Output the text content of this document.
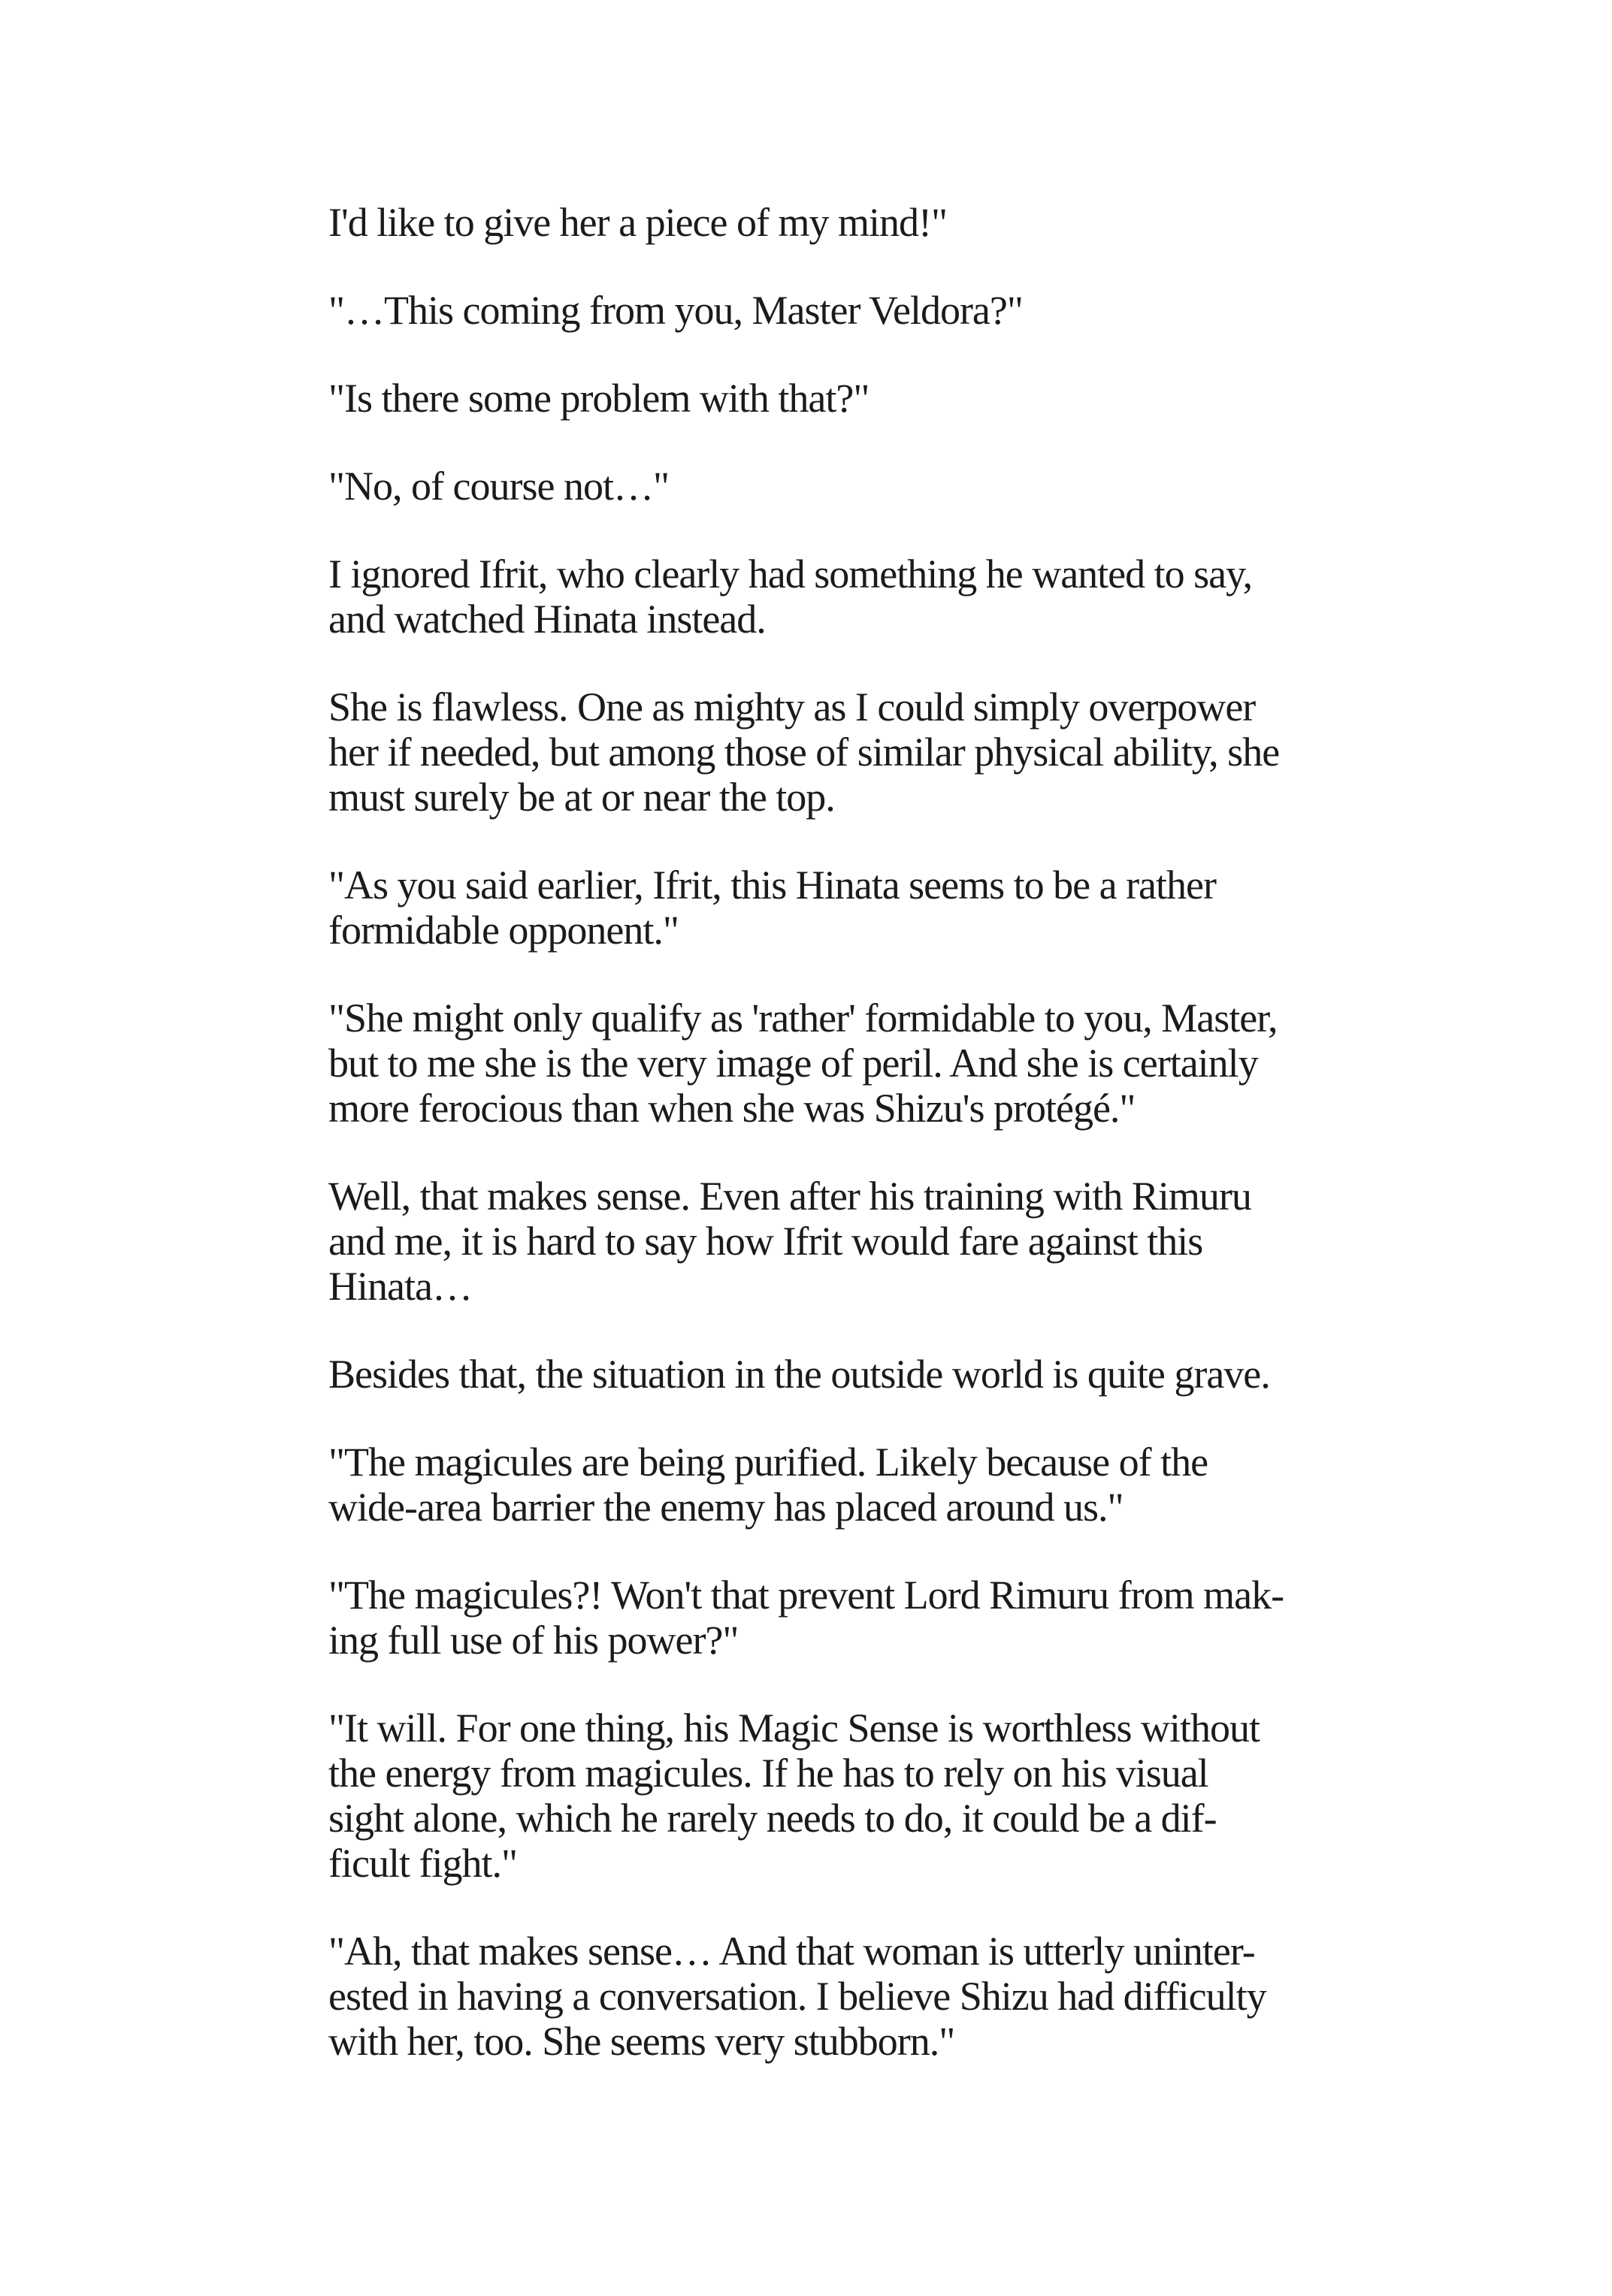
I'd like to give her a piece of my mind!"

"…This coming from you, Master Veldora?"

"Is there some problem with that?"

"No, of course not…"

I ignored Ifrit, who clearly had something he wanted to say,
and watched Hinata instead.

She is flawless. One as mighty as I could simply overpower
her if needed, but among those of similar physical ability, she
must surely be at or near the top.

"As you said earlier, Ifrit, this Hinata seems to be a rather
formidable opponent."

"She might only qualify as 'rather' formidable to you, Master,
but to me she is the very image of peril. And she is certainly
more ferocious than when she was Shizu's protégé."

Well, that makes sense. Even after his training with Rimuru
and me, it is hard to say how Ifrit would fare against this
Hinata…

Besides that, the situation in the outside world is quite grave.

"The magicules are being purified. Likely because of the
wide-area barrier the enemy has placed around us."

"The magicules?! Won't that prevent Lord Rimuru from mak-
ing full use of his power?"

"It will. For one thing, his Magic Sense is worthless without
the energy from magicules. If he has to rely on his visual
sight alone, which he rarely needs to do, it could be a dif-
ficult fight."

"Ah, that makes sense… And that woman is utterly uninter-
ested in having a conversation. I believe Shizu had difficulty
with her, too. She seems very stubborn."
